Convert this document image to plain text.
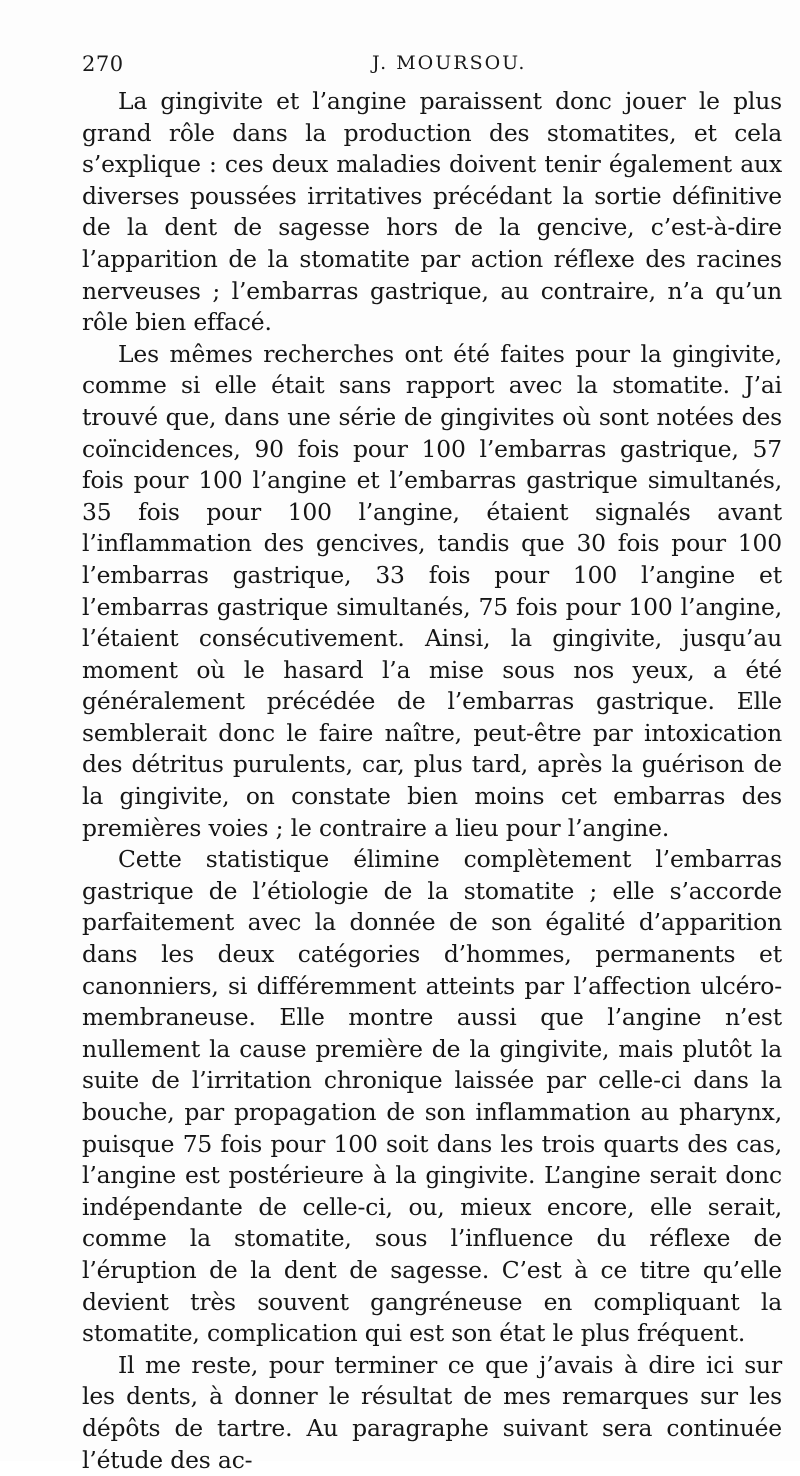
270	J. MOURSOU.

La gingivite et l’angine paraissent donc jouer le plus grand rôle dans la production des stomatites, et cela s’explique : ces deux maladies doivent tenir également aux diverses poussées irritatives précédant la sortie définitive de la dent de sagesse hors de la gencive, c’est-à-dire l’apparition de la stomatite par action réflexe des racines nerveuses ; l’embarras gastrique, au contraire, n’a qu’un rôle bien effacé.

Les mêmes recherches ont été faites pour la gingivite, comme si elle était sans rapport avec la stomatite. J’ai trouvé que, dans une série de gingivites où sont notées des coïncidences, 90 fois pour 100 l’embarras gastrique, 57 fois pour 100 l’angine et l’embarras gastrique simultanés, 35 fois pour 100 l’angine, étaient signalés avant l’inflammation des gencives, tandis que 30 fois pour 100 l’embarras gastrique, 33 fois pour 100 l’angine et l’embarras gastrique simultanés, 75 fois pour 100 l’angine, l’étaient consécutivement. Ainsi, la gingivite, jusqu’au moment où le hasard l’a mise sous nos yeux, a été généralement précédée de l’embarras gastrique. Elle semblerait donc le faire naître, peut-être par intoxication des détritus purulents, car, plus tard, après la guérison de la gingivite, on constate bien moins cet embarras des premières voies ; le contraire a lieu pour l’angine.

Cette statistique élimine complètement l’embarras gastrique de l’étiologie de la stomatite ; elle s’accorde parfaitement avec la donnée de son égalité d’apparition dans les deux catégories d’hommes, permanents et canonniers, si différemment atteints par l’affection ulcéro-membraneuse. Elle montre aussi que l’angine n’est nullement la cause première de la gingivite, mais plutôt la suite de l’irritation chronique laissée par celle-ci dans la bouche, par propagation de son inflammation au pharynx, puisque 75 fois pour 100 soit dans les trois quarts des cas, l’angine est postérieure à la gingivite. L’angine serait donc indépendante de celle-ci, ou, mieux encore, elle serait, comme la stomatite, sous l’influence du réflexe de l’éruption de la dent de sagesse. C’est à ce titre qu’elle devient très souvent gangréneuse en compliquant la stomatite, complication qui est son état le plus fréquent.

Il me reste, pour terminer ce que j’avais à dire ici sur les dents, à donner le résultat de mes remarques sur les dépôts de tartre. Au paragraphe suivant sera continuée l’étude des ac-
